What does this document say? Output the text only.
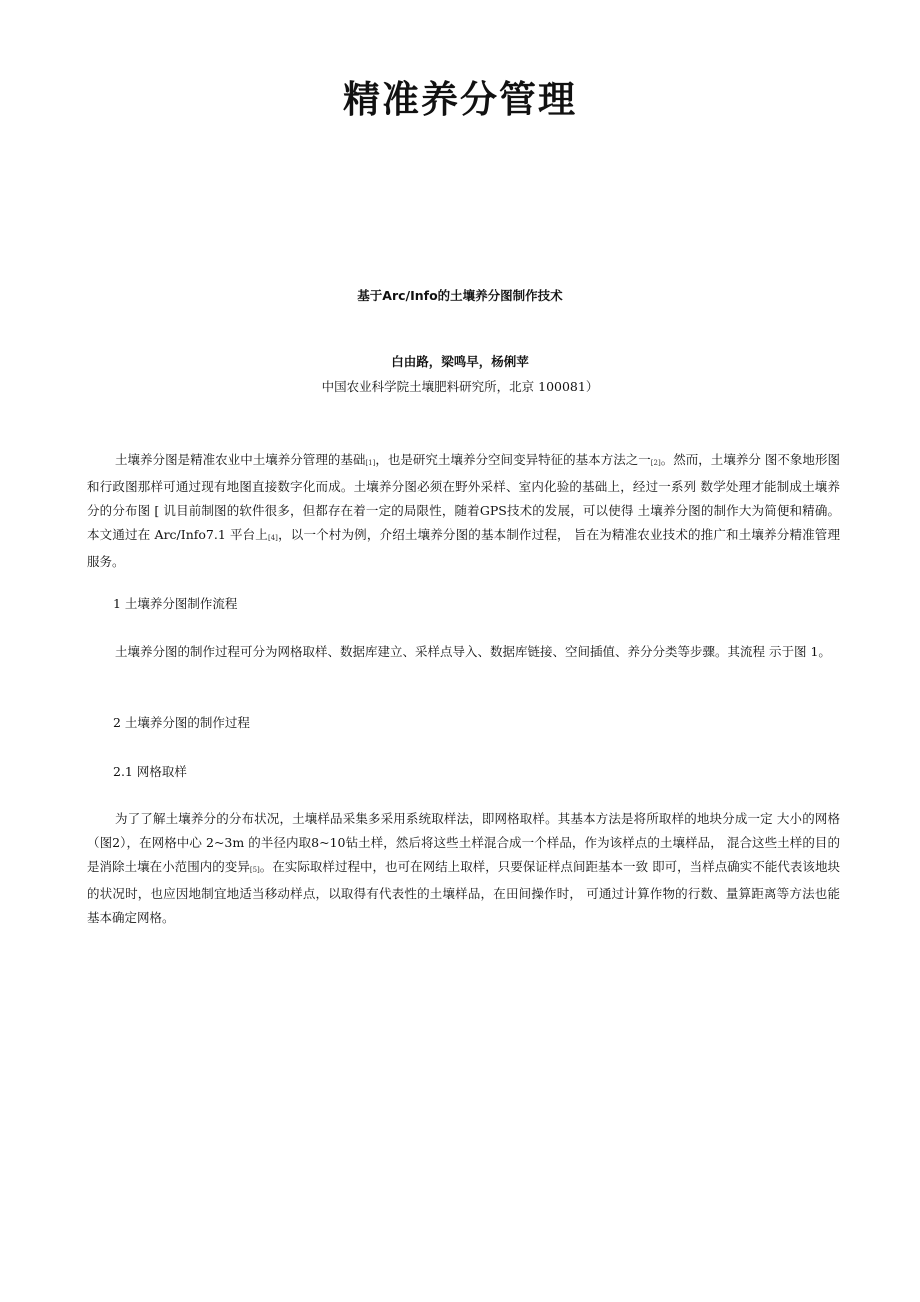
精准养分管理
基于Arc/Info的土壤养分图制作技术
白由路，梁鸣早，杨俐苹
中国农业科学院土壤肥料研究所，北京 100081）

土壤养分图是精准农业中土壤养分管理的基础[1]，也是研究土壤养分空间变异特征的基本方法之一[2]。然而，土壤养分 图不象地形图和行政图那样可通过现有地图直接数字化而成。土壤养分图必须在野外采样、室内化验的基础上，经过一系列 数学处理才能制成土壤养分的分布图 [ 讥目前制图的软件很多，但都存在着一定的局限性，随着GPS技术的发展，可以使得 土壤养分图的制作大为简便和精确。本文通过在 Arc/Info7.1 平台上[4]，以一个村为例，介绍土壤养分图的基本制作过程， 旨在为精准农业技术的推广和土壤养分精准管理服务。

1 土壤养分图制作流程

土壤养分图的制作过程可分为网格取样、数据库建立、采样点导入、数据库链接、空间插值、养分分类等步骤。其流程 示于图 1。

2 土壤养分图的制作过程
2.1 网格取样

为了了解土壤养分的分布状况，土壤样品采集多采用系统取样法，即网格取样。其基本方法是将所取样的地块分成一定 大小的网格（图2），在网格中心 2~3m 的半径内取8~10钻土样，然后将这些土样混合成一个样品，作为该样点的土壤样品， 混合这些土样的目的是消除土壤在小范围内的变异[5]。在实际取样过程中，也可在网结上取样，只要保证样点间距基本一致 即可，当样点确实不能代表该地块的状况时，也应因地制宜地适当移动样点，以取得有代表性的土壤样品，在田间操作时， 可通过计算作物的行数、量算距离等方法也能基本确定网格。
